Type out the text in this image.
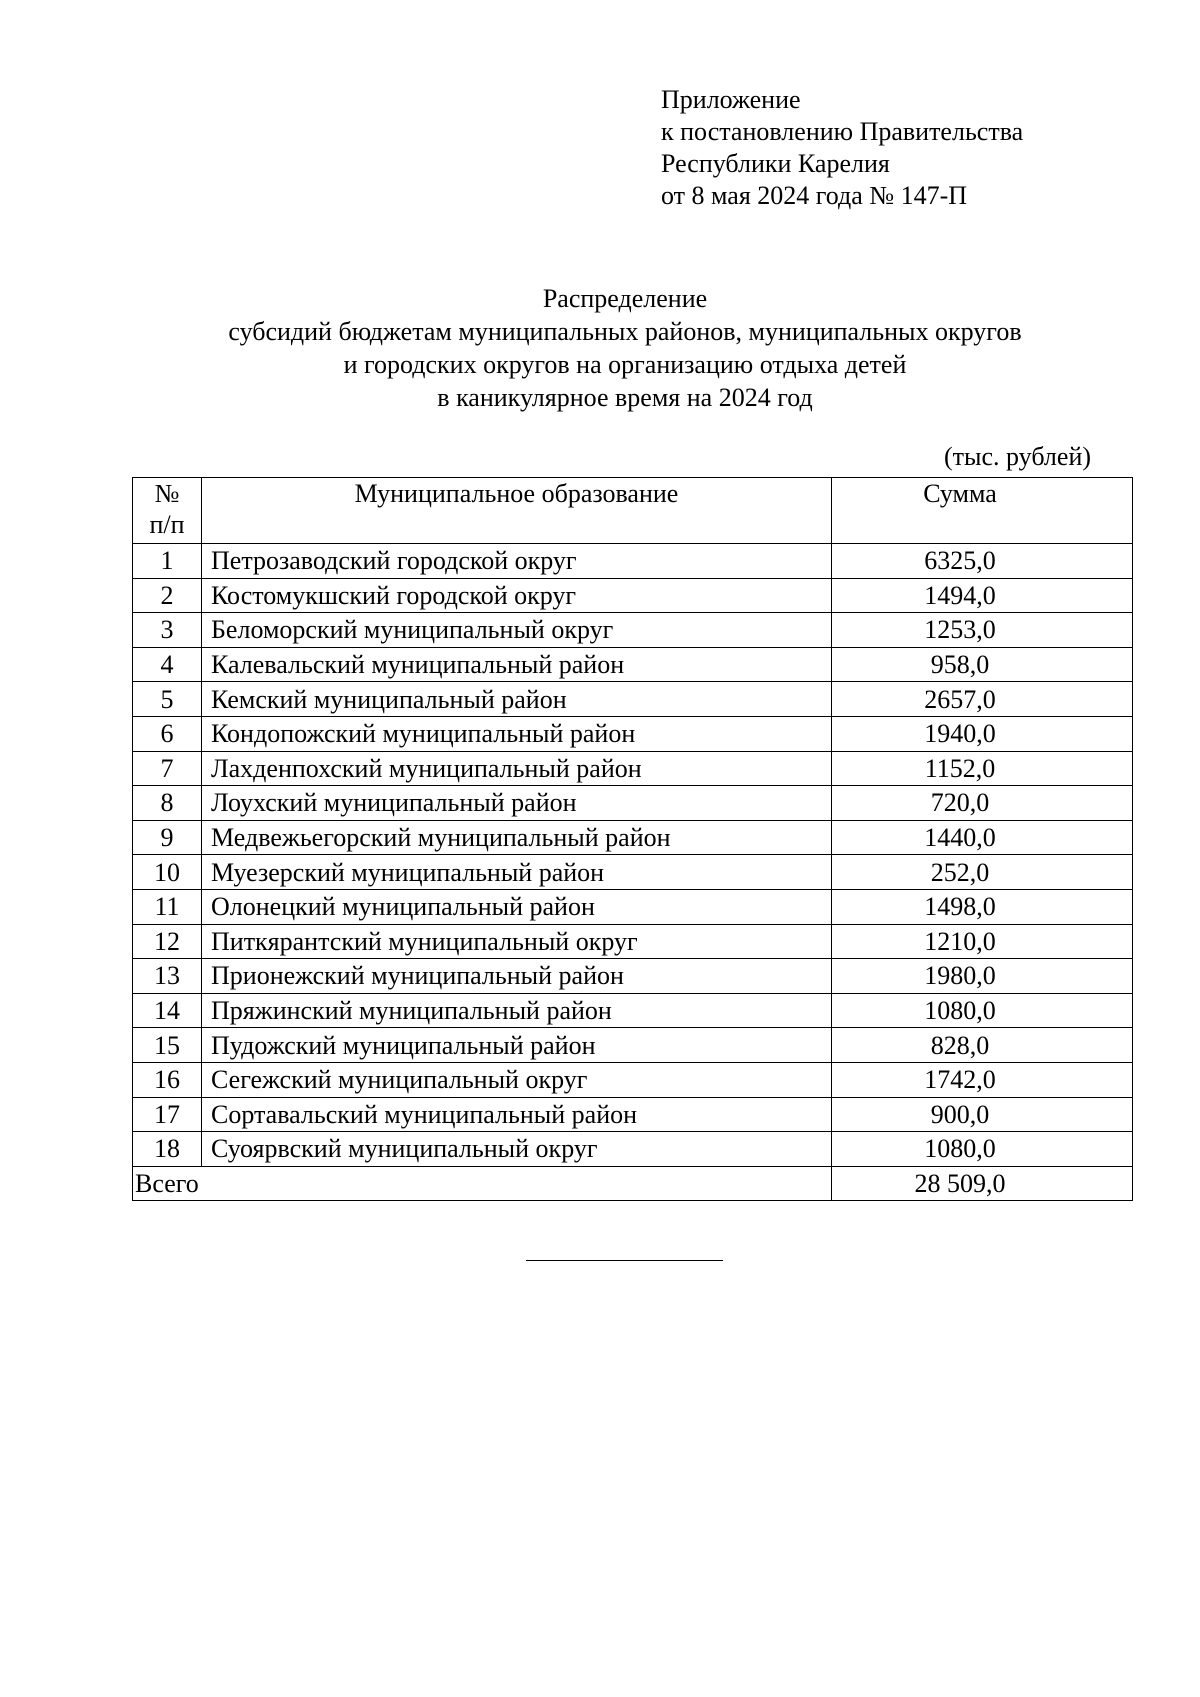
Приложение
к постановлению Правительства
Республики Карелия
от 8 мая 2024 года № 147-П
Распределение
субсидий бюджетам муниципальных районов, муниципальных округов
и городских округов на организацию отдыха детей
в каникулярное время на 2024 год
(тыс. рублей)
№
п/п	Муниципальное образование	Сумма
1	Петрозаводский городской округ	6325,0
2	Костомукшский городской округ	1494,0
3	Беломорский муниципальный округ	1253,0
4	Калевальский муниципальный район	958,0
5	Кемский муниципальный район	2657,0
6	Кондопожский муниципальный район	1940,0
7	Лахденпохский муниципальный район	1152,0
8	Лоухский муниципальный район	720,0
9	Медвежьегорский муниципальный район	1440,0
10	Муезерский муниципальный район	252,0
11	Олонецкий муниципальный район	1498,0
12	Питкярантский муниципальный округ	1210,0
13	Прионежский муниципальный район	1980,0
14	Пряжинский муниципальный район	1080,0
15	Пудожский муниципальный район	828,0
16	Сегежский муниципальный округ	1742,0
17	Сортавальский муниципальный район	900,0
18	Суоярвский муниципальный округ	1080,0
Всего		28 509,0
